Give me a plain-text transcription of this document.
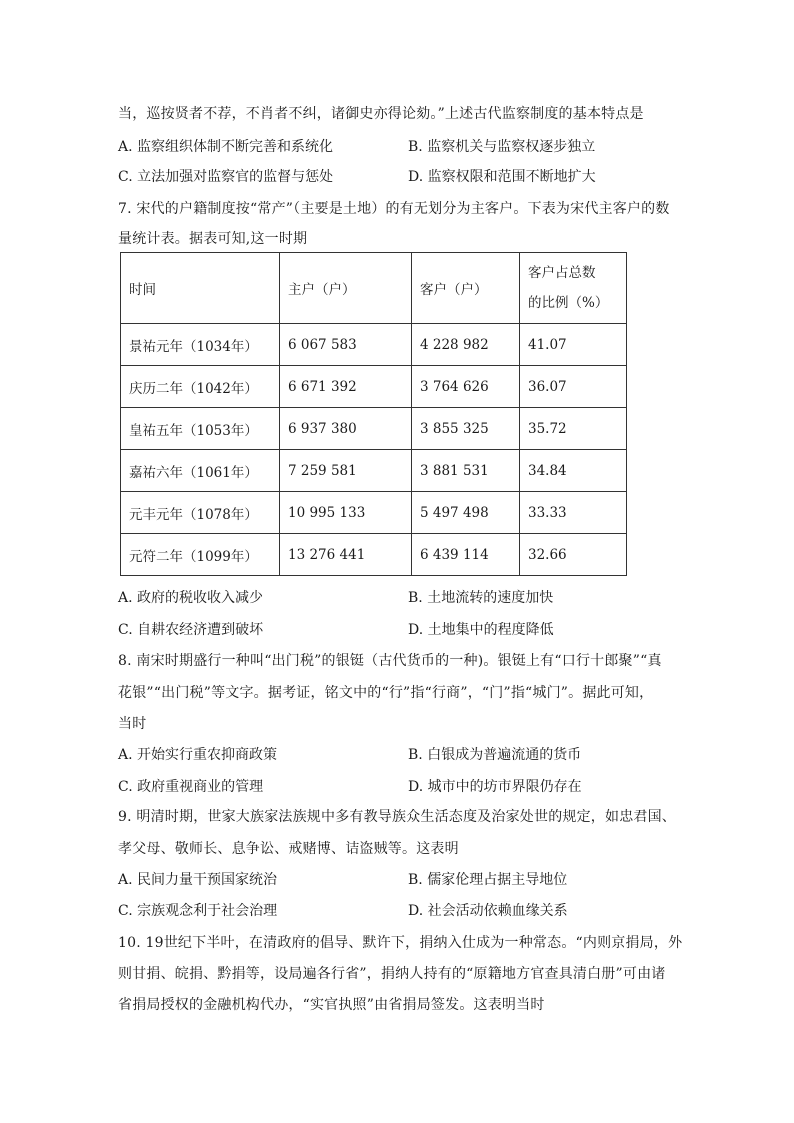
当，巡按贤者不荐，不肖者不纠，诸御史亦得论劾。”上述古代监察制度的基本特点是
A. 监察组织体制不断完善和系统化	B. 监察机关与监察权逐步独立
C. 立法加强对监察官的监督与惩处	D. 监察权限和范围不断地扩大
7. 宋代的户籍制度按“常产”（主要是土地）的有无划分为主客户。下表为宋代主客户的数
量统计表。据表可知,这一时期
时间	主户（户）	客户（户）	客户占总数
的比例（%）

景祐元年（1034年）	6 067 583	4 228 982	41.07
庆历二年（1042年）	6 671 392	3 764 626	36.07
皇祐五年（1053年）	6 937 380	3 855 325	35.72
嘉祐六年（1061年）	7 259 581	3 881 531	34.84
元丰元年（1078年）	10 995 133	5 497 498	33.33
元符二年（1099年）	13 276 441	6 439 114	32.66
A. 政府的税收收入减少	B. 土地流转的速度加快
C. 自耕农经济遭到破坏	D. 土地集中的程度降低
8. 南宋时期盛行一种叫“出门税”的银铤（古代货币的一种)。银铤上有“口行十郎聚”“真
花银”“出门税”等文字。据考证，铭文中的“行”指“行商”，“门”指“城门”。据此可知，
当时
A. 开始实行重农抑商政策	B. 白银成为普遍流通的货币
C. 政府重视商业的管理	D. 城市中的坊市界限仍存在
9. 明清时期，世家大族家法族规中多有教导族众生活态度及治家处世的规定，如忠君国、
孝父母、敬师长、息争讼、戒赌博、诘盗贼等。这表明
A. 民间力量干预国家统治	B. 儒家伦理占据主导地位
C. 宗族观念利于社会治理	D. 社会活动依赖血缘关系
10. 19世纪下半叶，在清政府的倡导、默许下，捐纳入仕成为一种常态。“内则京捐局，外
则甘捐、皖捐、黔捐等，设局遍各行省”，捐纳人持有的“原籍地方官查具清白册”可由诸
省捐局授权的金融机构代办，“实官执照”由省捐局签发。这表明当时
